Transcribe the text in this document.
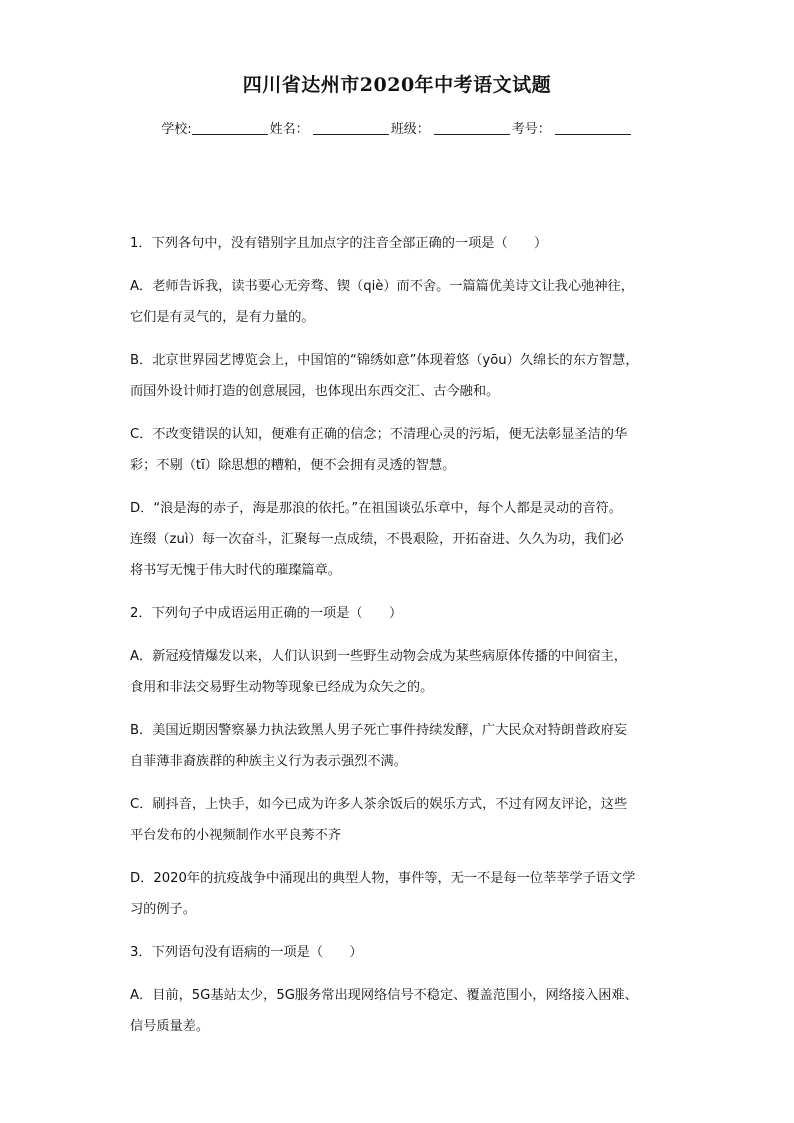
四川省达州市2020年中考语文试题
学校:	姓名：	班级：	考号：
1．下列各句中，没有错别字且加点字的注音全部正确的一项是（　　）

A．老师告诉我，读书要心无旁骛、锲（qiè）而不舍。一篇篇优美诗文让我心弛神往，

它们是有灵气的，是有力量的。

B．北京世界园艺博览会上，中国馆的“锦绣如意”体现着悠（yōu）久绵长的东方智慧，

而国外设计师打造的创意展园，也体现出东西交汇、古今融和。

C．不改变错误的认知，便难有正确的信念；不清理心灵的污垢，便无法彰显圣洁的华

彩；不剔（tī）除思想的糟粕，便不会拥有灵透的智慧。

D．“浪是海的赤子，海是那浪的依托。”在祖国谈弘乐章中，每个人都是灵动的音符。

连缀（zuì）每一次奋斗，汇聚每一点成绩，不畏艰险，开拓奋进、久久为功，我们必

将书写无愧于伟大时代的璀璨篇章。

2．下列句子中成语运用正确的一项是（　　）

A．新冠疫情爆发以来，人们认识到一些野生动物会成为某些病原体传播的中间宿主，

食用和非法交易野生动物等现象已经成为众矢之的。

B．美国近期因警察暴力执法致黑人男子死亡事件持续发酵，广大民众对特朗普政府妄

自菲薄非裔族群的种族主义行为表示强烈不满。

C．刷抖音，上快手，如今已成为许多人茶余饭后的娱乐方式，不过有网友评论，这些

平台发布的小视频制作水平良莠不齐

D．2020年的抗疫战争中涌现出的典型人物，事件等，无一不是每一位莘莘学子语文学

习的例子。

3．下列语句没有语病的一项是（　　）

A．目前，5G基站太少，5G服务常出现网络信号不稳定、覆盖范围小，网络接入困难、

信号质量差。
